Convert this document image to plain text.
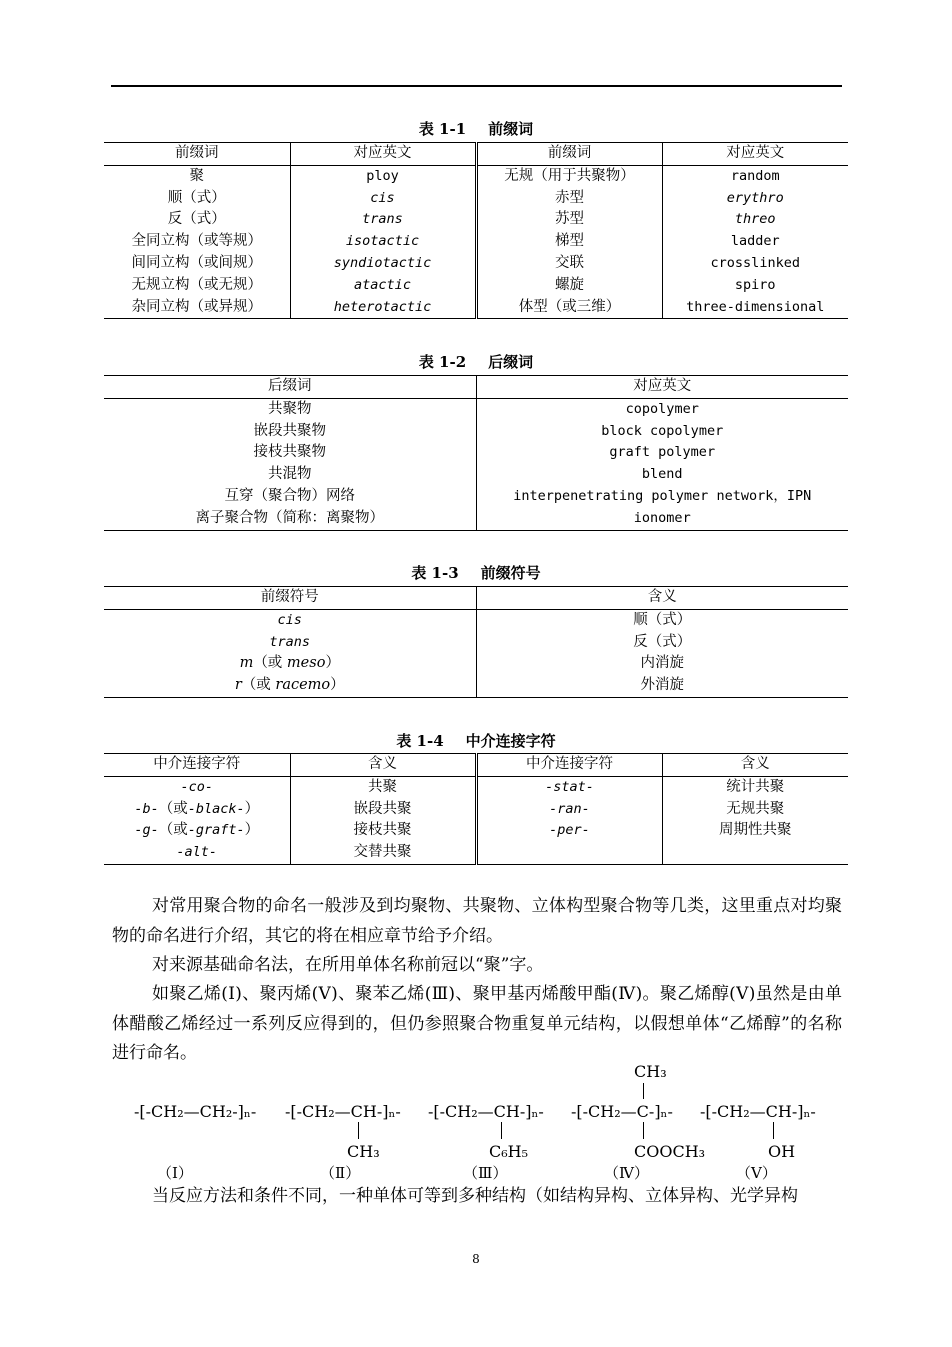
表 1-1 前缀词
前缀词	对应英文	前缀词	对应英文
聚	ploy	无规（用于共聚物）	random
顺（式）	cis	赤型	erythro
反（式）	trans	苏型	threo
全同立构（或等规）	isotactic	梯型	ladder
间同立构（或间规）	syndiotactic	交联	crosslinked
无规立构（或无规）	atactic	螺旋	spiro
杂同立构（或异规）	heterotactic	体型（或三维）	three-dimensional
表 1-2 后缀词
后缀词	对应英文
共聚物	copolymer
嵌段共聚物	block copolymer
接枝共聚物	graft polymer
共混物	blend
互穿（聚合物）网络	interpenetrating polymer network，IPN
离子聚合物（简称：离聚物）	ionomer
表 1-3 前缀符号
前缀符号	含义
cis	顺（式）
trans	反（式）
m（或 meso）	内消旋
r（或 racemo）	外消旋
表 1-4 中介连接字符
中介连接字符	含义	中介连接字符	含义
-co-	共聚	-stat-	统计共聚
-b-（或-black-）	嵌段共聚	-ran-	无规共聚
-g-（或-graft-）	接枝共聚	-per-	周期性共聚
-alt-	交替共聚		
对常用聚合物的命名一般涉及到均聚物、共聚物、立体构型聚合物等几类，这里重点对均聚物的命名进行介绍，其它的将在相应章节给予介绍。
对来源基础命名法，在所用单体名称前冠以“聚”字。
如聚乙烯(Ⅰ)、聚丙烯(Ⅴ)、聚苯乙烯(Ⅲ)、聚甲基丙烯酸甲酯(Ⅳ)。聚乙烯醇(Ⅴ)虽然是由单体醋酸乙烯经过一系列反应得到的，但仍参照聚合物重复单元结构，以假想单体“乙烯醇”的名称进行命名。
-[-CH₂—CH₂-]ₙ- -[-CH₂—CH-]ₙ-
CH₃
-[-CH₂—CH-]ₙ-
C₆H₅
CH₃
-[-CH₂—C-]ₙ-
COOCH₃
-[-CH₂—CH-]ₙ-
OH
（Ⅰ）	（Ⅱ）	（Ⅲ）	（Ⅳ）	（Ⅴ）
当反应方法和条件不同，一种单体可等到多种结构（如结构异构、立体异构、光学异构
8
